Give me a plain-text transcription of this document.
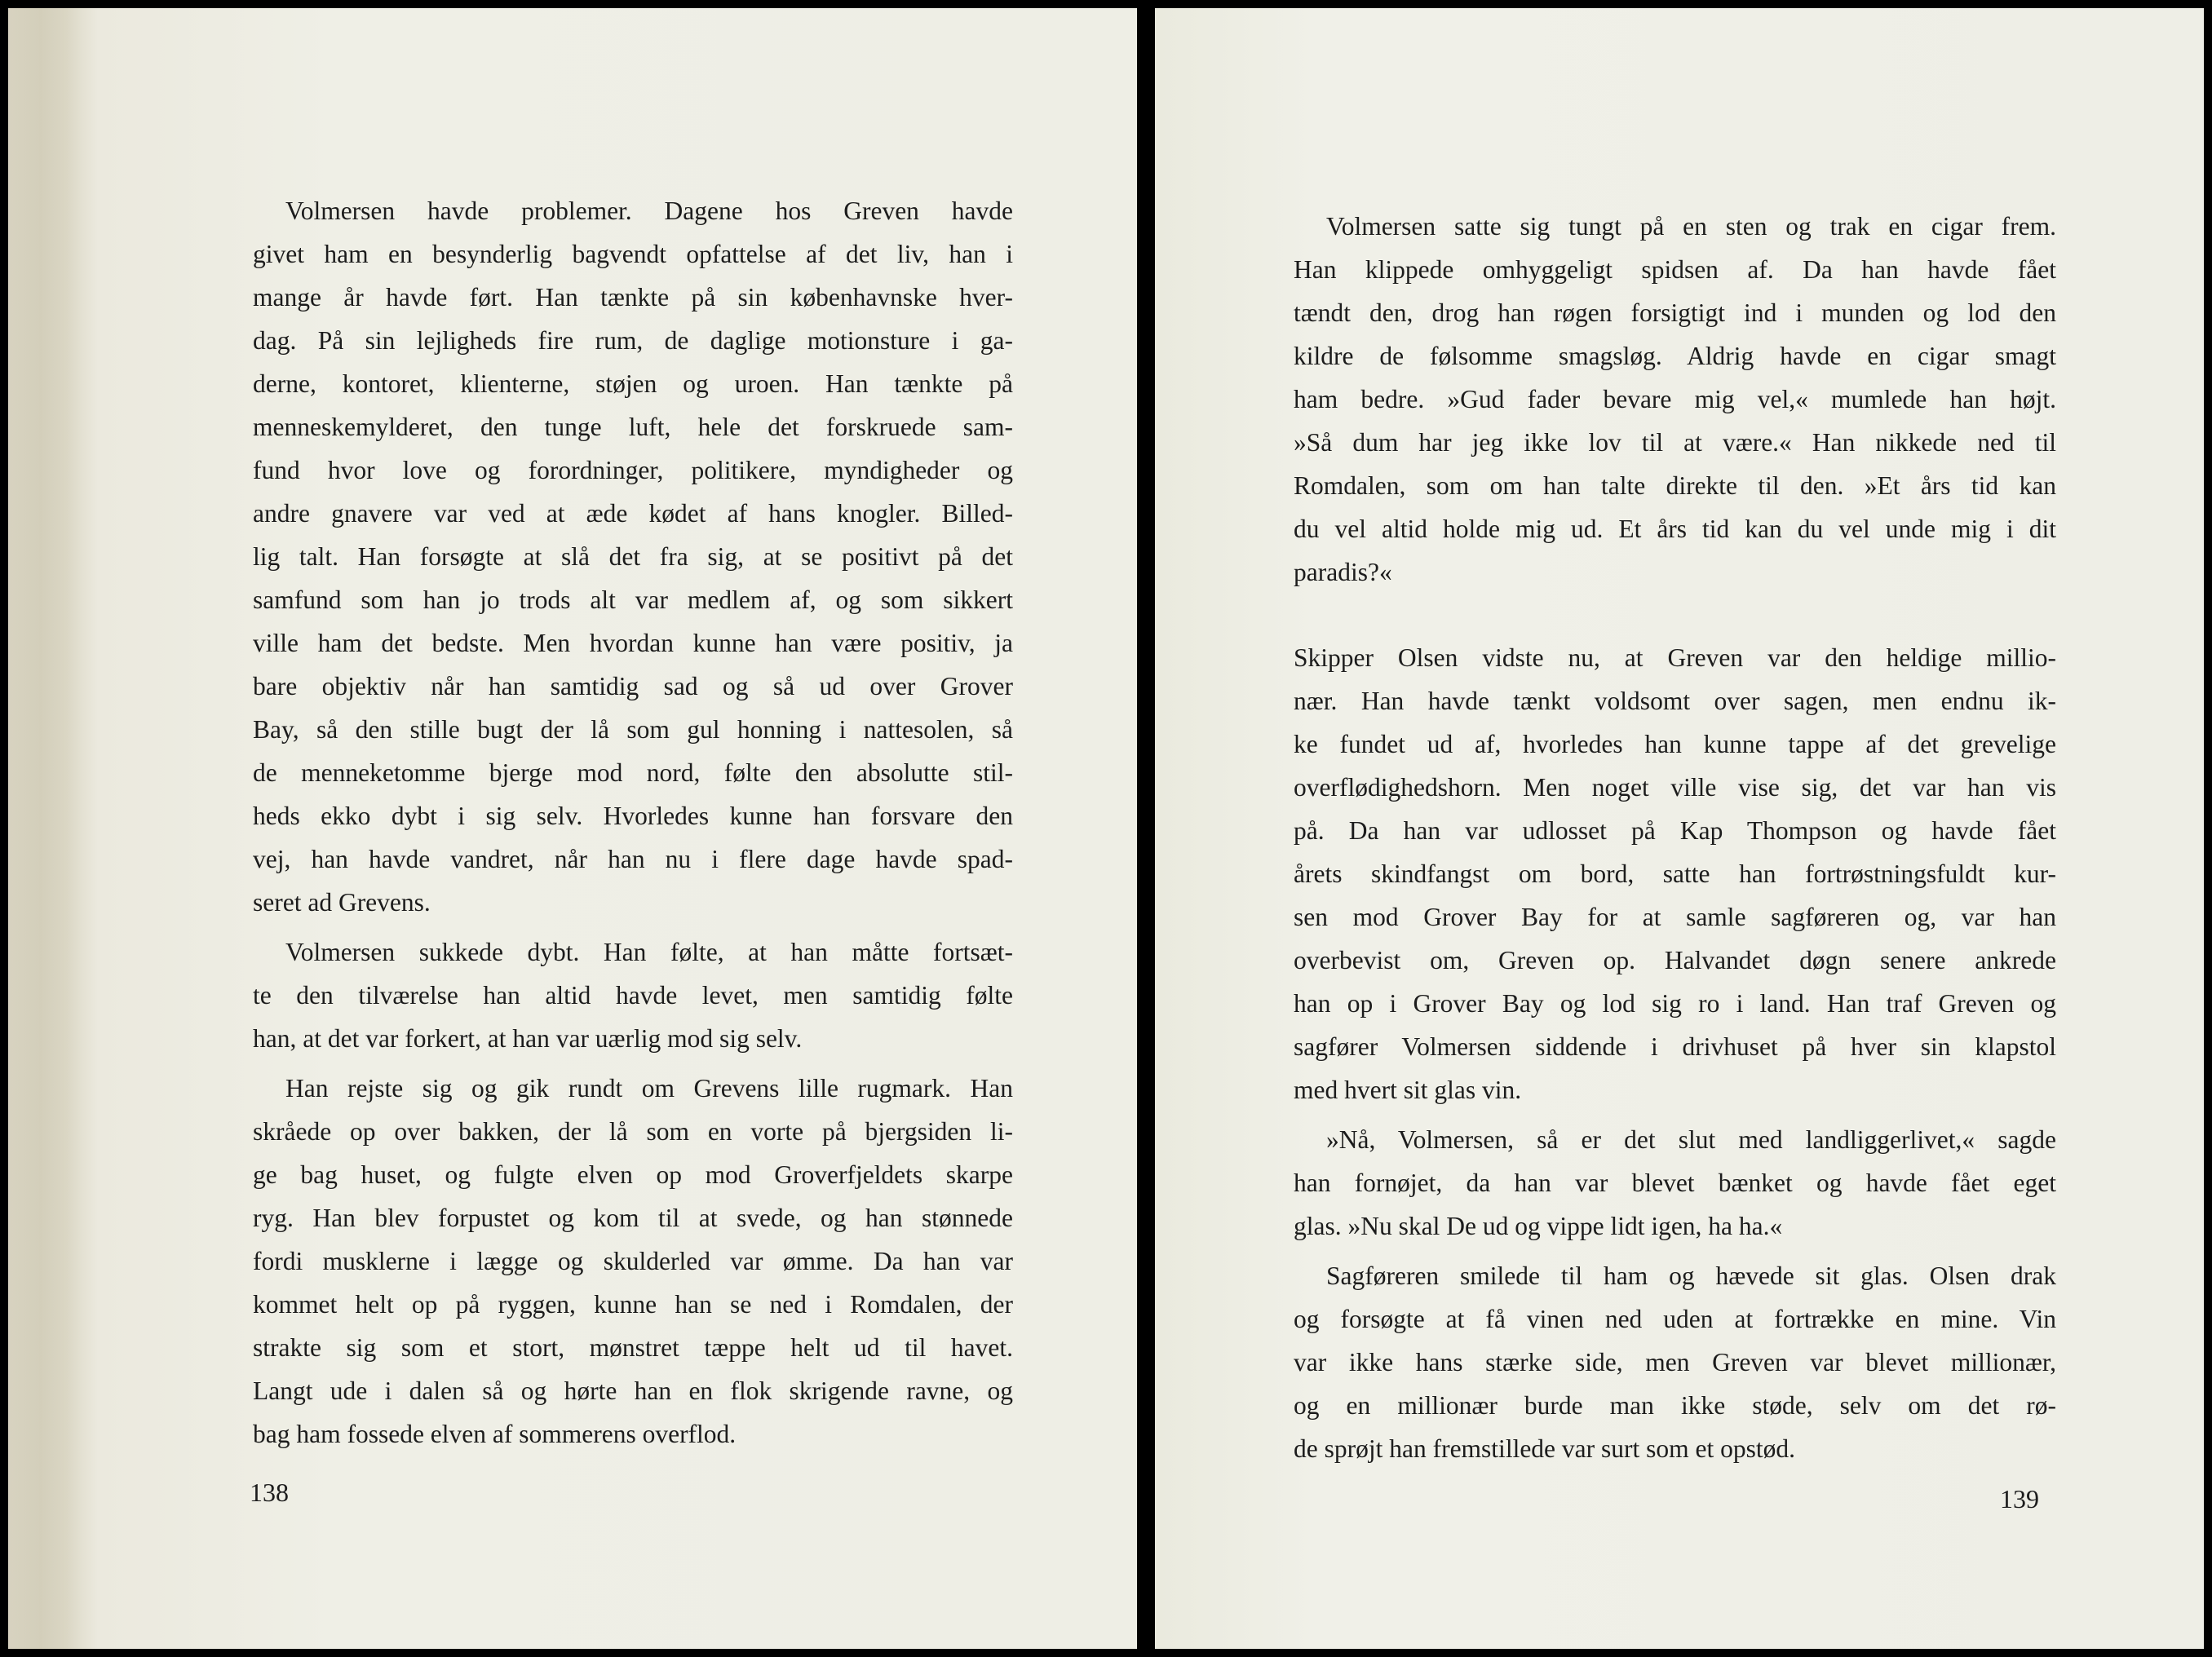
Volmersen havde problemer. Dagene hos Greven havde
givet ham en besynderlig bagvendt opfattelse af det liv, han i
mange år havde ført. Han tænkte på sin københavnske hver-
dag. På sin lejligheds fire rum, de daglige motionsture i ga-
derne, kontoret, klienterne, støjen og uroen. Han tænkte på
menneskemylderet, den tunge luft, hele det forskruede sam-
fund hvor love og forordninger, politikere, myndigheder og
andre gnavere var ved at æde kødet af hans knogler. Billed-
lig talt. Han forsøgte at slå det fra sig, at se positivt på det
samfund som han jo trods alt var medlem af, og som sikkert
ville ham det bedste. Men hvordan kunne han være positiv, ja
bare objektiv når han samtidig sad og så ud over Grover
Bay, så den stille bugt der lå som gul honning i nattesolen, så
de menneketomme bjerge mod nord, følte den absolutte stil-
heds ekko dybt i sig selv. Hvorledes kunne han forsvare den
vej, han havde vandret, når han nu i flere dage havde spad-
seret ad Grevens.
Volmersen sukkede dybt. Han følte, at han måtte fortsæt-
te den tilværelse han altid havde levet, men samtidig følte
han, at det var forkert, at han var uærlig mod sig selv.
Han rejste sig og gik rundt om Grevens lille rugmark. Han
skråede op over bakken, der lå som en vorte på bjergsiden li-
ge bag huset, og fulgte elven op mod Groverfjeldets skarpe
ryg. Han blev forpustet og kom til at svede, og han stønnede
fordi musklerne i lægge og skulderled var ømme. Da han var
kommet helt op på ryggen, kunne han se ned i Romdalen, der
strakte sig som et stort, mønstret tæppe helt ud til havet.
Langt ude i dalen så og hørte han en flok skrigende ravne, og
bag ham fossede elven af sommerens overflod.
138
Volmersen satte sig tungt på en sten og trak en cigar frem.
Han klippede omhyggeligt spidsen af. Da han havde fået
tændt den, drog han røgen forsigtigt ind i munden og lod den
kildre de følsomme smagsløg. Aldrig havde en cigar smagt
ham bedre. »Gud fader bevare mig vel,« mumlede han højt.
»Så dum har jeg ikke lov til at være.« Han nikkede ned til
Romdalen, som om han talte direkte til den. »Et års tid kan
du vel altid holde mig ud. Et års tid kan du vel unde mig i dit
paradis?«
Skipper Olsen vidste nu, at Greven var den heldige millio-
nær. Han havde tænkt voldsomt over sagen, men endnu ik-
ke fundet ud af, hvorledes han kunne tappe af det grevelige
overflødighedshorn. Men noget ville vise sig, det var han vis
på. Da han var udlosset på Kap Thompson og havde fået
årets skindfangst om bord, satte han fortrøstningsfuldt kur-
sen mod Grover Bay for at samle sagføreren og, var han
overbevist om, Greven op. Halvandet døgn senere ankrede
han op i Grover Bay og lod sig ro i land. Han traf Greven og
sagfører Volmersen siddende i drivhuset på hver sin klapstol
med hvert sit glas vin.
»Nå, Volmersen, så er det slut med landliggerlivet,« sagde
han fornøjet, da han var blevet bænket og havde fået eget
glas. »Nu skal De ud og vippe lidt igen, ha ha.«
Sagføreren smilede til ham og hævede sit glas. Olsen drak
og forsøgte at få vinen ned uden at fortrække en mine. Vin
var ikke hans stærke side, men Greven var blevet millionær,
og en millionær burde man ikke støde, selv om det rø-
de sprøjt han fremstillede var surt som et opstød.
139
